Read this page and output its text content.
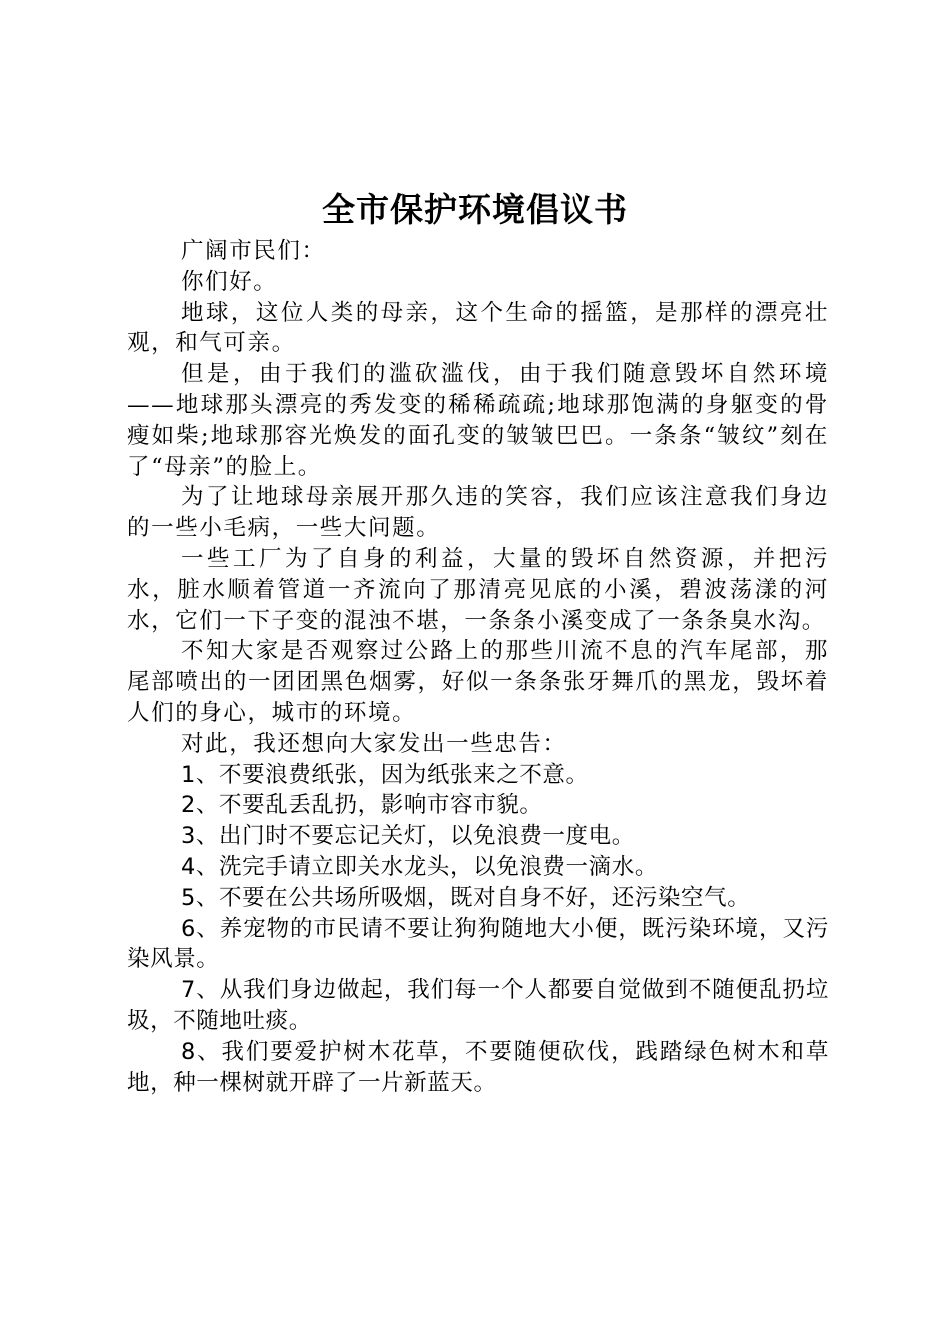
全市保护环境倡议书

广阔市民们：

你们好。

地球，这位人类的母亲，这个生命的摇篮，是那样的漂亮壮观，和气可亲。

但是，由于我们的滥砍滥伐，由于我们随意毁坏自然环境——地球那头漂亮的秀发变的稀稀疏疏;地球那饱满的身躯变的骨瘦如柴;地球那容光焕发的面孔变的皱皱巴巴。一条条“皱纹”刻在了“母亲”的脸上。

为了让地球母亲展开那久违的笑容，我们应该注意我们身边的一些小毛病，一些大问题。

一些工厂为了自身的利益，大量的毁坏自然资源，并把污水，脏水顺着管道一齐流向了那清亮见底的小溪，碧波荡漾的河水，它们一下子变的混浊不堪，一条条小溪变成了一条条臭水沟。

不知大家是否观察过公路上的那些川流不息的汽车尾部，那尾部喷出的一团团黑色烟雾，好似一条条张牙舞爪的黑龙，毁坏着人们的身心，城市的环境。

对此，我还想向大家发出一些忠告：

1、不要浪费纸张，因为纸张来之不意。

2、不要乱丢乱扔，影响市容市貌。

3、出门时不要忘记关灯，以免浪费一度电。

4、洗完手请立即关水龙头，以免浪费一滴水。

5、不要在公共场所吸烟，既对自身不好，还污染空气。

6、养宠物的市民请不要让狗狗随地大小便，既污染环境，又污染风景。

7、从我们身边做起，我们每一个人都要自觉做到不随便乱扔垃圾，不随地吐痰。

8、我们要爱护树木花草，不要随便砍伐，践踏绿色树木和草地，种一棵树就开辟了一片新蓝天。
